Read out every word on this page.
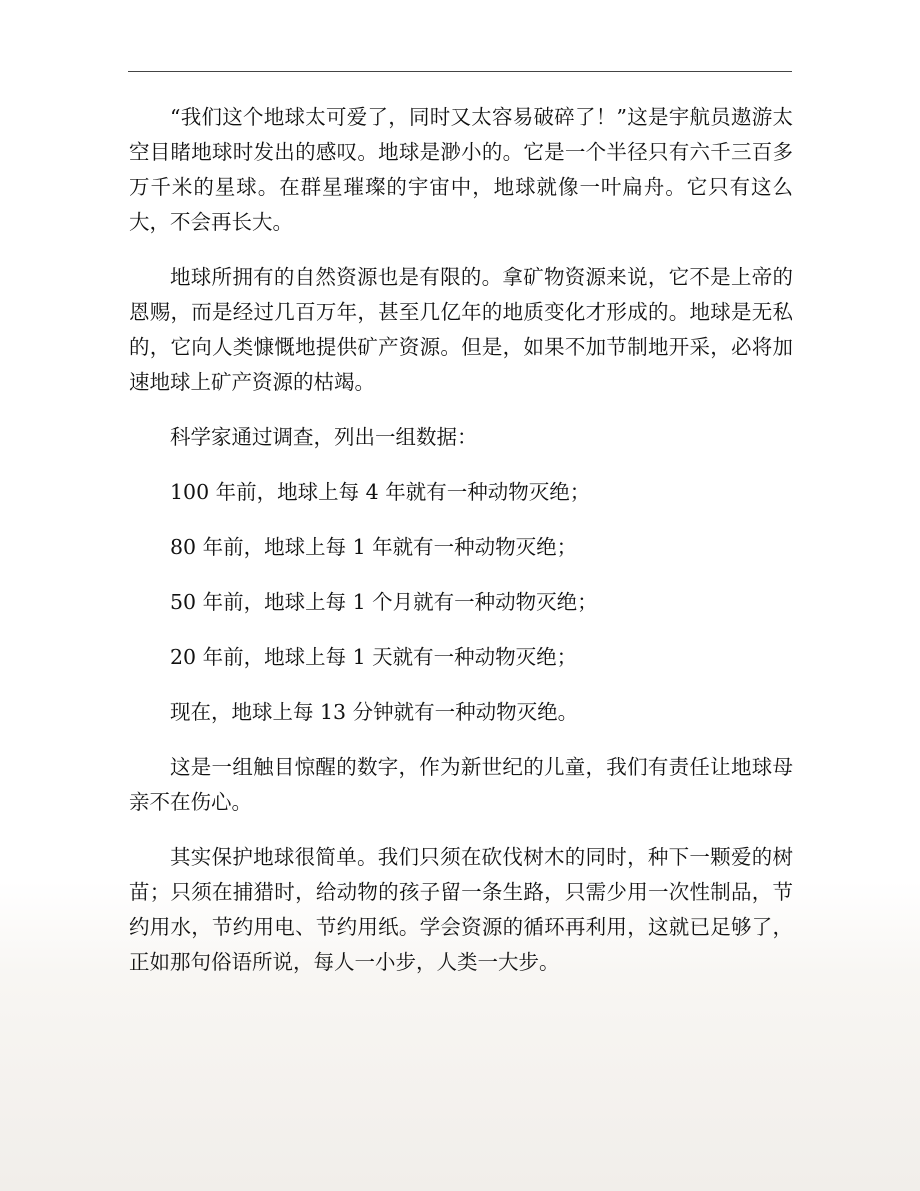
“我们这个地球太可爱了，同时又太容易破碎了！”这是宇航员遨游太空目睹地球时发出的感叹。地球是渺小的。它是一个半径只有六千三百多万千米的星球。在群星璀璨的宇宙中，地球就像一叶扁舟。它只有这么大，不会再长大。

地球所拥有的自然资源也是有限的。拿矿物资源来说，它不是上帝的恩赐，而是经过几百万年，甚至几亿年的地质变化才形成的。地球是无私的，它向人类慷慨地提供矿产资源。但是，如果不加节制地开采，必将加速地球上矿产资源的枯竭。

科学家通过调查，列出一组数据：

100 年前，地球上每 4 年就有一种动物灭绝；

80 年前，地球上每 1 年就有一种动物灭绝；

50 年前，地球上每 1 个月就有一种动物灭绝；

20 年前，地球上每 1 天就有一种动物灭绝；

现在，地球上每 13 分钟就有一种动物灭绝。

这是一组触目惊醒的数字，作为新世纪的儿童，我们有责任让地球母亲不在伤心。

其实保护地球很简单。我们只须在砍伐树木的同时，种下一颗爱的树苗；只须在捕猎时，给动物的孩子留一条生路，只需少用一次性制品，节约用水，节约用电、节约用纸。学会资源的循环再利用，这就已足够了，正如那句俗语所说，每人一小步，人类一大步。
